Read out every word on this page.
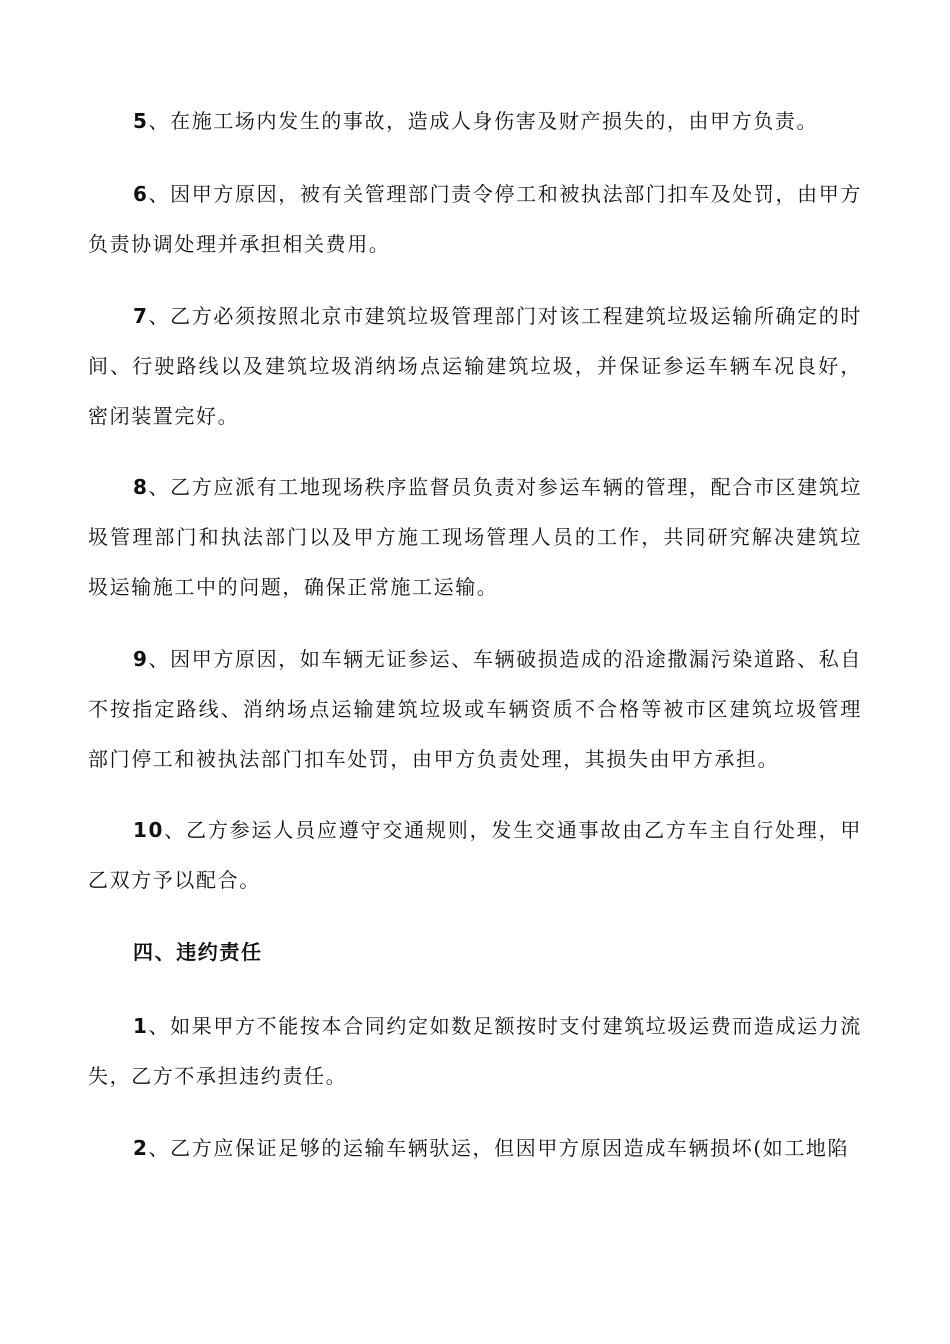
5、在施工场内发生的事故，造成人身伤害及财产损失的，由甲方负责。

6、因甲方原因，被有关管理部门责令停工和被执法部门扣车及处罚，由甲方负责协调处理并承担相关费用。

7、乙方必须按照北京市建筑垃圾管理部门对该工程建筑垃圾运输所确定的时间、行驶路线以及建筑垃圾消纳场点运输建筑垃圾，并保证参运车辆车况良好，密闭装置完好。

8、乙方应派有工地现场秩序监督员负责对参运车辆的管理，配合市区建筑垃圾管理部门和执法部门以及甲方施工现场管理人员的工作，共同研究解决建筑垃圾运输施工中的问题，确保正常施工运输。

9、因甲方原因，如车辆无证参运、车辆破损造成的沿途撒漏污染道路、私自不按指定路线、消纳场点运输建筑垃圾或车辆资质不合格等被市区建筑垃圾管理部门停工和被执法部门扣车处罚，由甲方负责处理，其损失由甲方承担。

10、乙方参运人员应遵守交通规则，发生交通事故由乙方车主自行处理，甲乙双方予以配合。

四、违约责任

1、如果甲方不能按本合同约定如数足额按时支付建筑垃圾运费而造成运力流失，乙方不承担违约责任。

2、乙方应保证足够的运输车辆驮运，但因甲方原因造成车辆损坏(如工地陷
